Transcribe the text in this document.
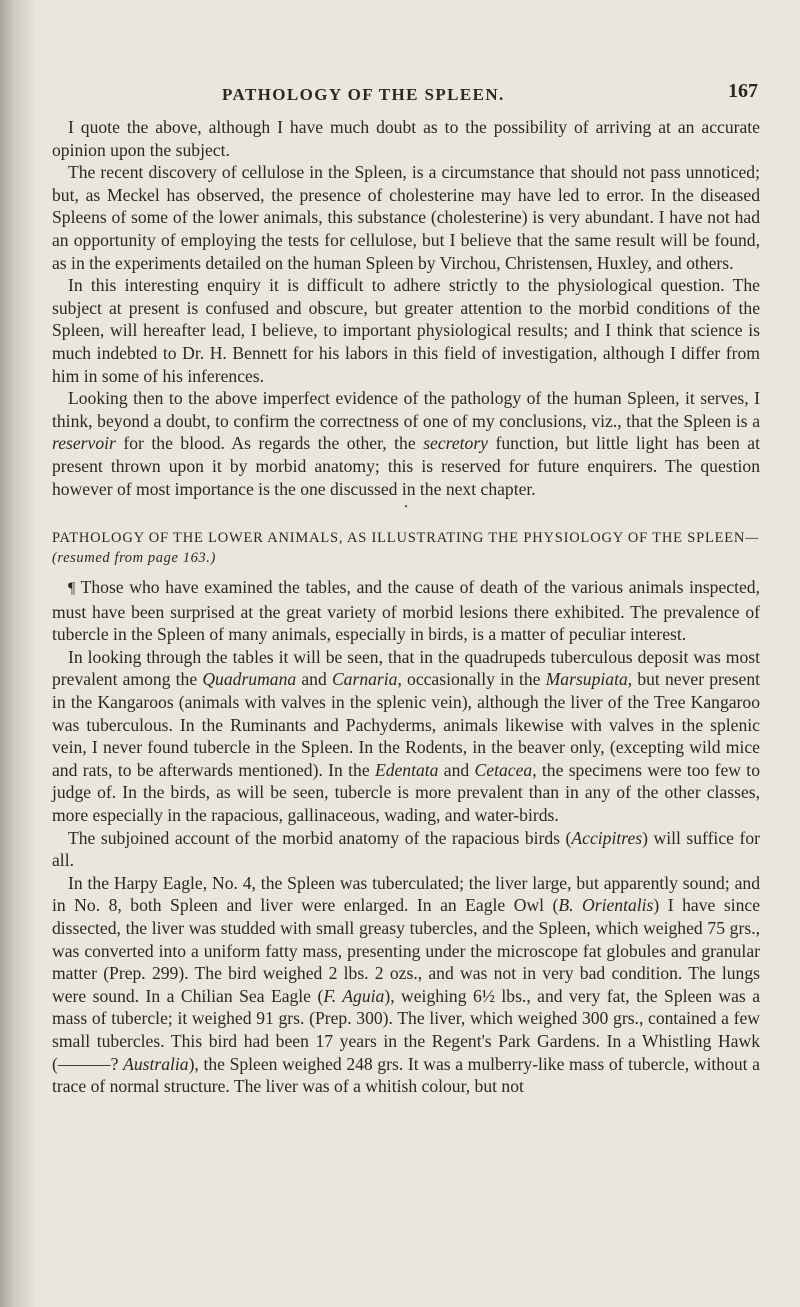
PATHOLOGY OF THE SPLEEN.	167

I quote the above, although I have much doubt as to the possibility of arriving at an accurate opinion upon the subject.

The recent discovery of cellulose in the Spleen, is a circumstance that should not pass unnoticed; but, as Meckel has observed, the presence of cholesterine may have led to error. In the diseased Spleens of some of the lower animals, this substance (cholesterine) is very abundant. I have not had an opportunity of employing the tests for cellulose, but I believe that the same result will be found, as in the experiments detailed on the human Spleen by Virchou, Christensen, Huxley, and others.

In this interesting enquiry it is difficult to adhere strictly to the physiological question. The subject at present is confused and obscure, but greater attention to the morbid conditions of the Spleen, will hereafter lead, I believe, to important physiological results; and I think that science is much indebted to Dr. H. Bennett for his labors in this field of investigation, although I differ from him in some of his inferences.

Looking then to the above imperfect evidence of the pathology of the human Spleen, it serves, I think, beyond a doubt, to confirm the correctness of one of my conclusions, viz., that the Spleen is a reservoir for the blood. As regards the other, the secretory function, but little light has been at present thrown upon it by morbid anatomy; this is reserved for future enquirers. The question however of most importance is the one discussed in the next chapter.

•

PATHOLOGY OF THE LOWER ANIMALS, AS ILLUSTRATING THE PHYSIOLOGY OF THE SPLEEN—(resumed from page 163.)

¶ Those who have examined the tables, and the cause of death of the various animals inspected, must have been surprised at the great variety of morbid lesions there exhibited. The prevalence of tubercle in the Spleen of many animals, especially in birds, is a matter of peculiar interest.

In looking through the tables it will be seen, that in the quadrupeds tuberculous deposit was most prevalent among the Quadrumana and Carnaria, occasionally in the Marsupiata, but never present in the Kangaroos (animals with valves in the splenic vein), although the liver of the Tree Kangaroo was tuberculous. In the Ruminants and Pachyderms, animals likewise with valves in the splenic vein, I never found tubercle in the Spleen. In the Rodents, in the beaver only, (excepting wild mice and rats, to be afterwards mentioned). In the Edentata and Cetacea, the specimens were too few to judge of. In the birds, as will be seen, tubercle is more prevalent than in any of the other classes, more especially in the rapacious, gallinaceous, wading, and water-birds.

The subjoined account of the morbid anatomy of the rapacious birds (Accipitres) will suffice for all.

In the Harpy Eagle, No. 4, the Spleen was tuberculated; the liver large, but apparently sound; and in No. 8, both Spleen and liver were enlarged. In an Eagle Owl (B. Orientalis) I have since dissected, the liver was studded with small greasy tubercles, and the Spleen, which weighed 75 grs., was converted into a uniform fatty mass, presenting under the microscope fat globules and granular matter (Prep. 299). The bird weighed 2 lbs. 2 ozs., and was not in very bad condition. The lungs were sound. In a Chilian Sea Eagle (F. Aguia), weighing 6½ lbs., and very fat, the Spleen was a mass of tubercle; it weighed 91 grs. (Prep. 300). The liver, which weighed 300 grs., contained a few small tubercles. This bird had been 17 years in the Regent's Park Gardens. In a Whistling Hawk (———? Australia), the Spleen weighed 248 grs. It was a mulberry-like mass of tubercle, without a trace of normal structure. The liver was of a whitish colour, but not
